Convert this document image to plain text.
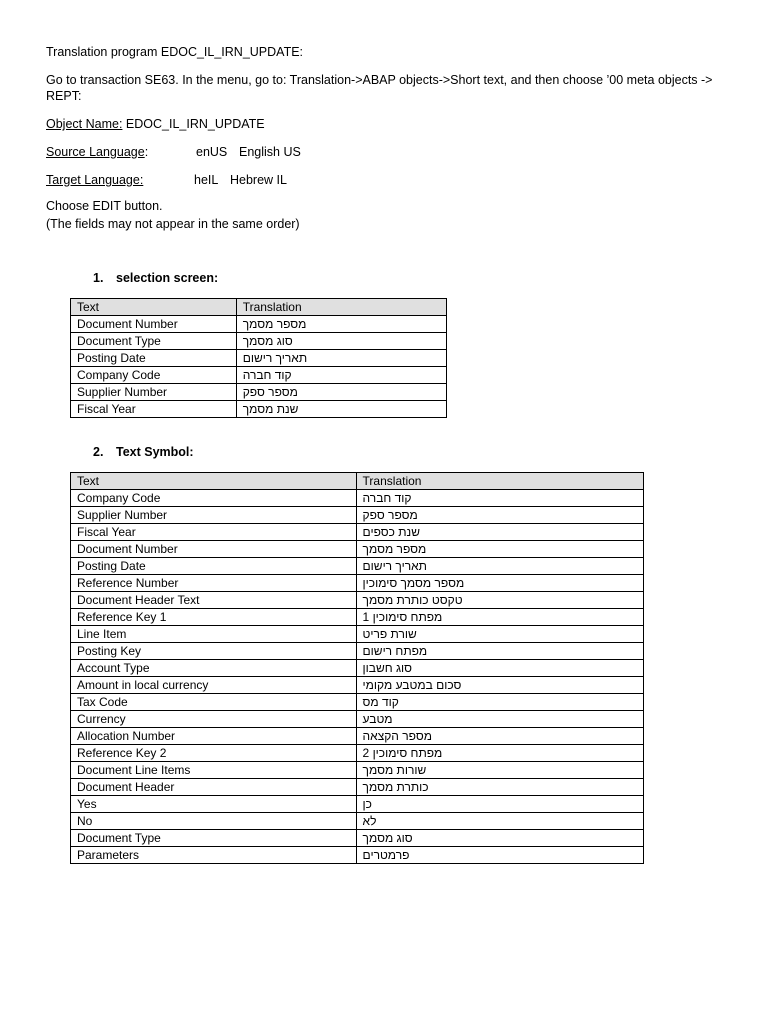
Translation program EDOC_IL_IRN_UPDATE:

Go to transaction SE63. In the menu, go to: Translation->ABAP objects->Short text, and then choose ’00 meta objects -> REPT:

Object Name: EDOC_IL_IRN_UPDATE
Source Language:	enUS English US
Target Language:	heIL Hebrew IL

Choose EDIT button.

(The fields may not appear in the same order)

1. selection screen:
Text	Translation
Document Number	מספר מסמך
Document Type	סוג מסמך
Posting Date	תאריך רישום
Company Code	קוד חברה
Supplier Number	מספר ספק
Fiscal Year	שנת מסמך
2. Text Symbol:
Text	Translation
Company Code	קוד חברה
Supplier Number	מספר ספק
Fiscal Year	שנת כספים
Document Number	מספר מסמך
Posting Date	תאריך רישום
Reference Number	מספר מסמך סימוכין
Document Header Text	טקסט כותרת מסמך
Reference Key 1	מפתח סימוכין 1
Line Item	שורת פריט
Posting Key	מפתח רישום
Account Type	סוג חשבון
Amount in local currency	סכום במטבע מקומי
Tax Code	קוד מס
Currency	מטבע
Allocation Number	מספר הקצאה
Reference Key 2	מפתח סימוכין 2
Document Line Items	שורות מסמך
Document Header	כותרת מסמך
Yes	כן
No	לא
Document Type	סוג מסמך
Parameters	פרמטרים
